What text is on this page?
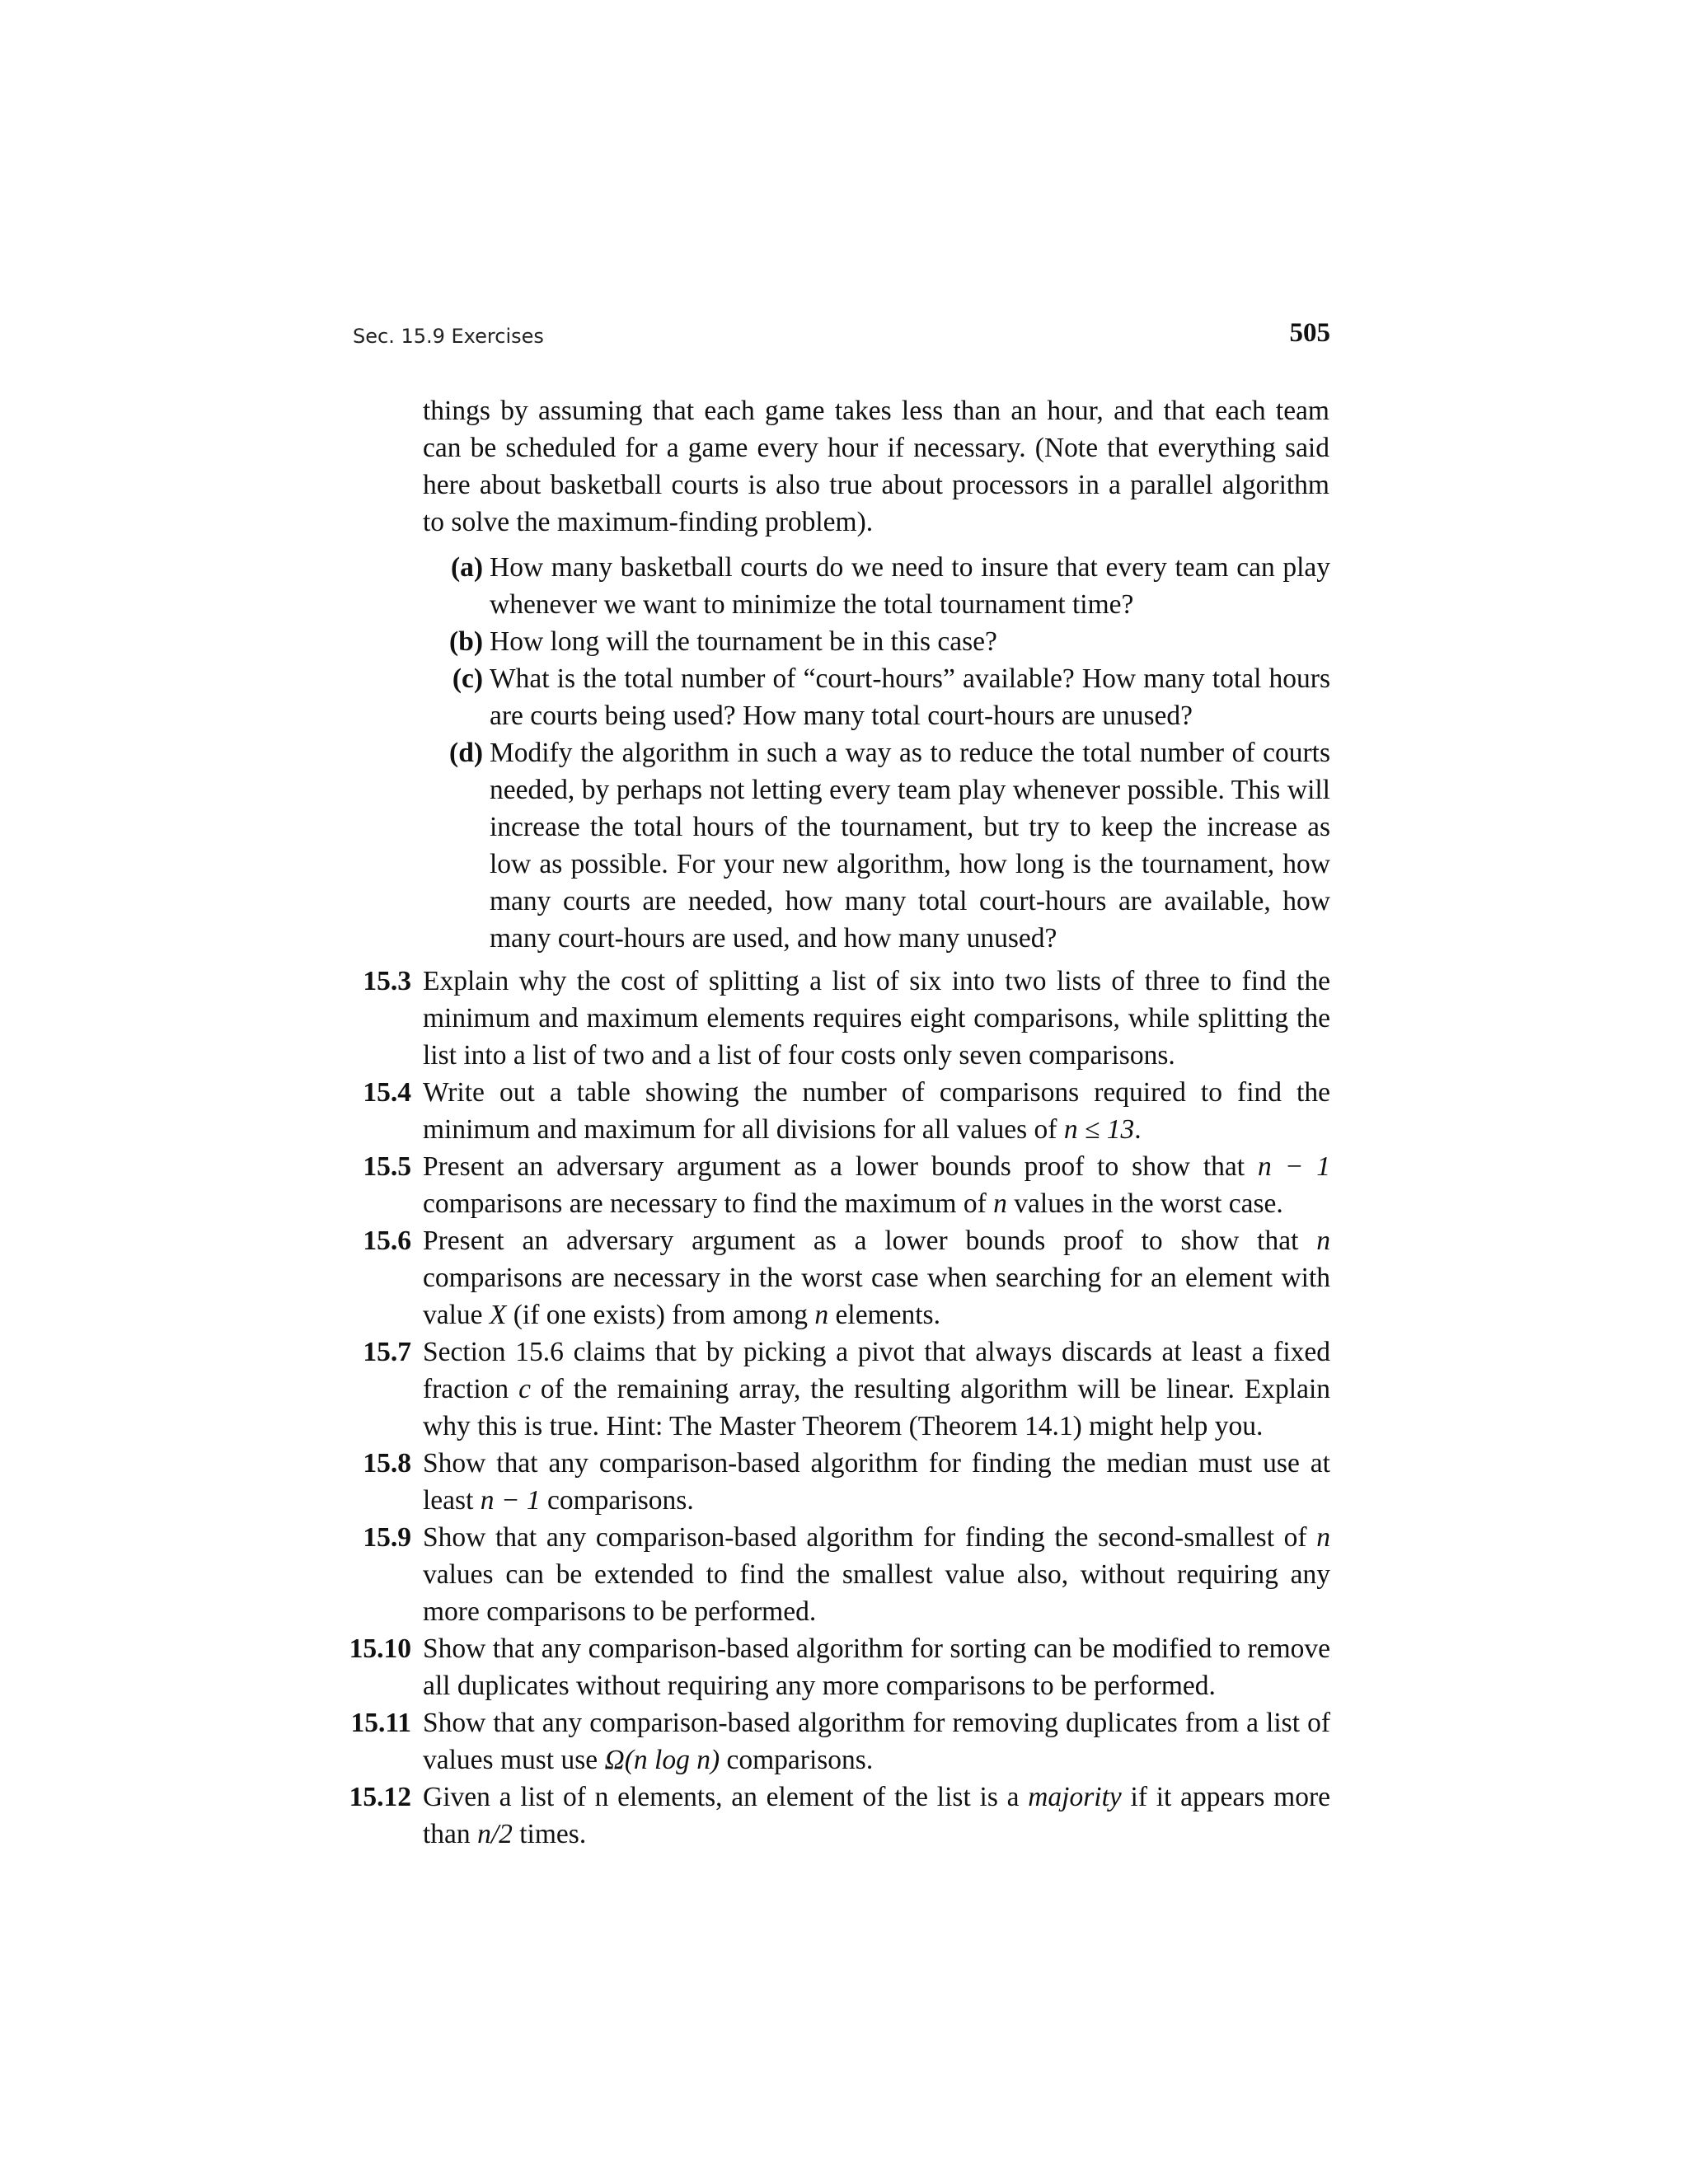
Sec. 15.9 Exercises	505

things by assuming that each game takes less than an hour, and that each team can be scheduled for a game every hour if necessary. (Note that everything said here about basketball courts is also true about processors in a parallel algorithm to solve the maximum-finding problem).

(a) How many basketball courts do we need to insure that every team can play whenever we want to minimize the total tournament time?
(b) How long will the tournament be in this case?
(c) What is the total number of “court-hours” available? How many total hours are courts being used? How many total court-hours are unused?
(d) Modify the algorithm in such a way as to reduce the total number of courts needed, by perhaps not letting every team play whenever possible. This will increase the total hours of the tournament, but try to keep the increase as low as possible. For your new algorithm, how long is the tournament, how many courts are needed, how many total court-hours are available, how many court-hours are used, and how many unused?
15.3 Explain why the cost of splitting a list of six into two lists of three to find the minimum and maximum elements requires eight comparisons, while splitting the list into a list of two and a list of four costs only seven comparisons.
15.4 Write out a table showing the number of comparisons required to find the minimum and maximum for all divisions for all values of n ≤ 13.
15.5 Present an adversary argument as a lower bounds proof to show that n − 1 comparisons are necessary to find the maximum of n values in the worst case.
15.6 Present an adversary argument as a lower bounds proof to show that n comparisons are necessary in the worst case when searching for an element with value X (if one exists) from among n elements.
15.7 Section 15.6 claims that by picking a pivot that always discards at least a fixed fraction c of the remaining array, the resulting algorithm will be linear. Explain why this is true. Hint: The Master Theorem (Theorem 14.1) might help you.
15.8 Show that any comparison-based algorithm for finding the median must use at least n − 1 comparisons.
15.9 Show that any comparison-based algorithm for finding the second-smallest of n values can be extended to find the smallest value also, without requiring any more comparisons to be performed.
15.10 Show that any comparison-based algorithm for sorting can be modified to remove all duplicates without requiring any more comparisons to be performed.
15.11 Show that any comparison-based algorithm for removing duplicates from a list of values must use Ω(n log n) comparisons.
15.12 Given a list of n elements, an element of the list is a majority if it appears more than n/2 times.
